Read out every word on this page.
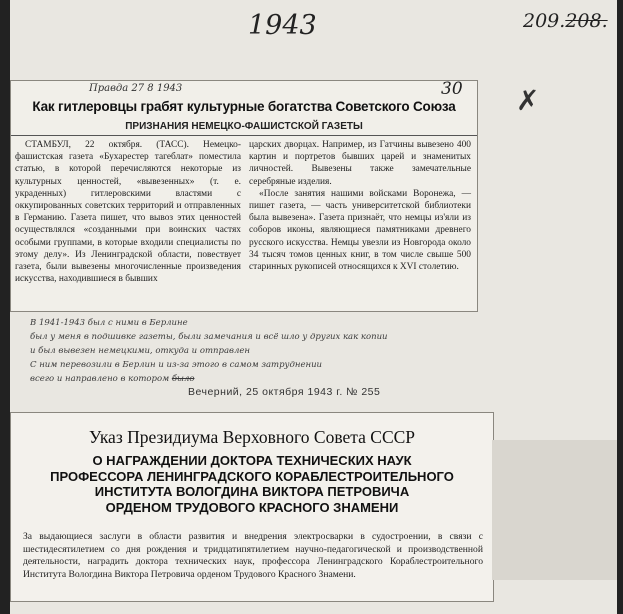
1943	209.208.
✗
Правда 27 8 1943	30
Как гитлеровцы грабят культурные богатства Советского Союза
ПРИЗНАНИЯ НЕМЕЦКО-ФАШИСТСКОЙ ГАЗЕТЫ

СТАМБУЛ, 22 октября. (ТАСС). Немецко-фашистская газета «Бухарестер тагеблат» поместила статью, в которой перечисляются некоторые из культурных ценностей, «вывезенных» (т. е. украденных) гитлеровскими властями с оккупированных советских территорий и отправленных в Германию. Газета пишет, что вывоз этих ценностей осуществлялся «созданными при воинских частях особыми группами, в которые входили специалисты по этому делу». Из Ленинградской области, повествует газета, были вывезены многочисленные произведения искусства, находившиеся в бывших

царских дворцах. Например, из Гатчины вывезено 400 картин и портретов бывших царей и знаменитых личностей. Вывезены также замечательные серебряные изделия.

«После занятия нашими войсками Воронежа, — пишет газета, — часть университетской библиотеки была вывезена». Газета признаёт, что немцы из'яли из соборов иконы, являющиеся памятниками древнего русского искусства. Немцы увезли из Новгорода около 34 тысяч томов ценных книг, в том числе свыше 500 старинных рукописей относящихся к XVI столетию.

В 1941-1943 был с ними в Берлине
был у меня в подшивке газеты, были замечания и всё шло у других как копии
и был вывезен немецкими, откуда и отправлен
С ним перевозили в Берлин и из-за этого в самом затруднении
всего и направлено в котором было
Вечерний, 25 октября 1943 г. № 255
Указ Президиума Верховного Совета СССР
О НАГРАЖДЕНИИ ДОКТОРА ТЕХНИЧЕСКИХ НАУК
ПРОФЕССОРА ЛЕНИНГРАДСКОГО КОРАБЛЕСТРОИТЕЛЬНОГО
ИНСТИТУТА ВОЛОГДИНА ВИКТОРА ПЕТРОВИЧА
ОРДЕНОМ ТРУДОВОГО КРАСНОГО ЗНАМЕНИ
За выдающиеся заслуги в области развития и внедрения электросварки в судостроении, в связи с шестидесятилетием со дня рождения и тридцатипятилетием научно-педагогической и производственной деятельности, наградить доктора технических наук, профессора Ленинградского Кораблестроительного Института Вологдина Виктора Петровича орденом Трудового Красного Знамени.
